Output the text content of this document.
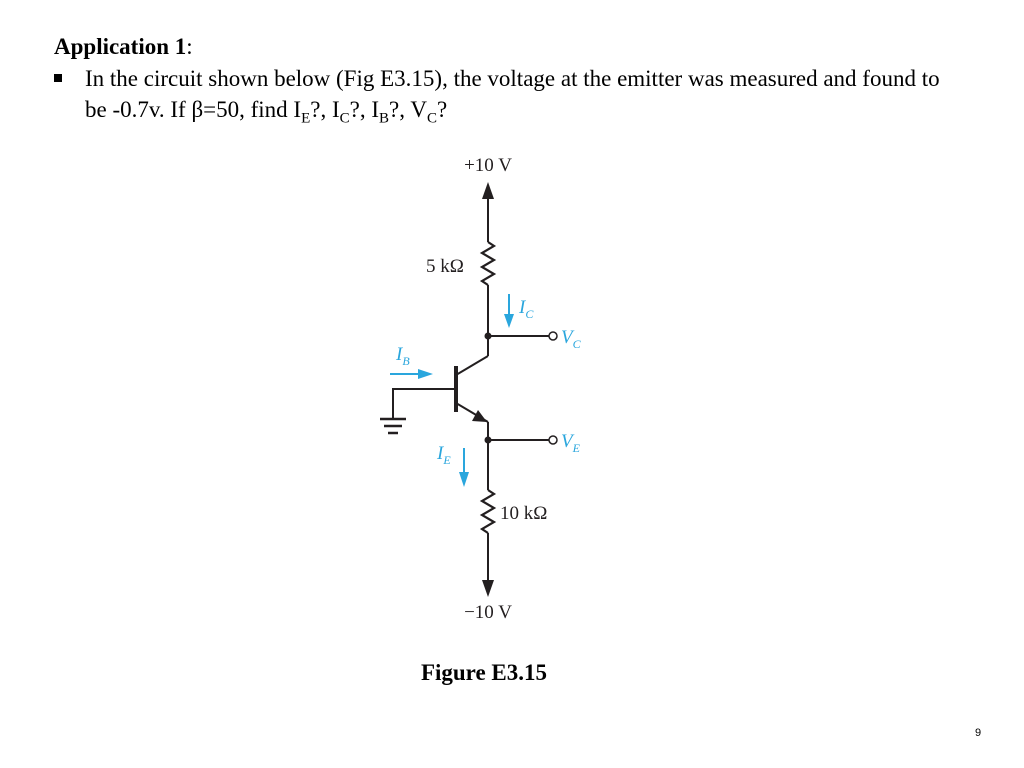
Application 1:
In the circuit shown below (Fig E3.15), the voltage at the emitter was measured and found to be -0.7v. If β=50, find $I_E$?, $I_C$?, $I_B$?, $V_C$?
+10 V
5 kΩ
$I_C$
$V_C$
$I_B$
$V_E$
$I_E$
10 kΩ
−10 V
Figure E3.15
9
